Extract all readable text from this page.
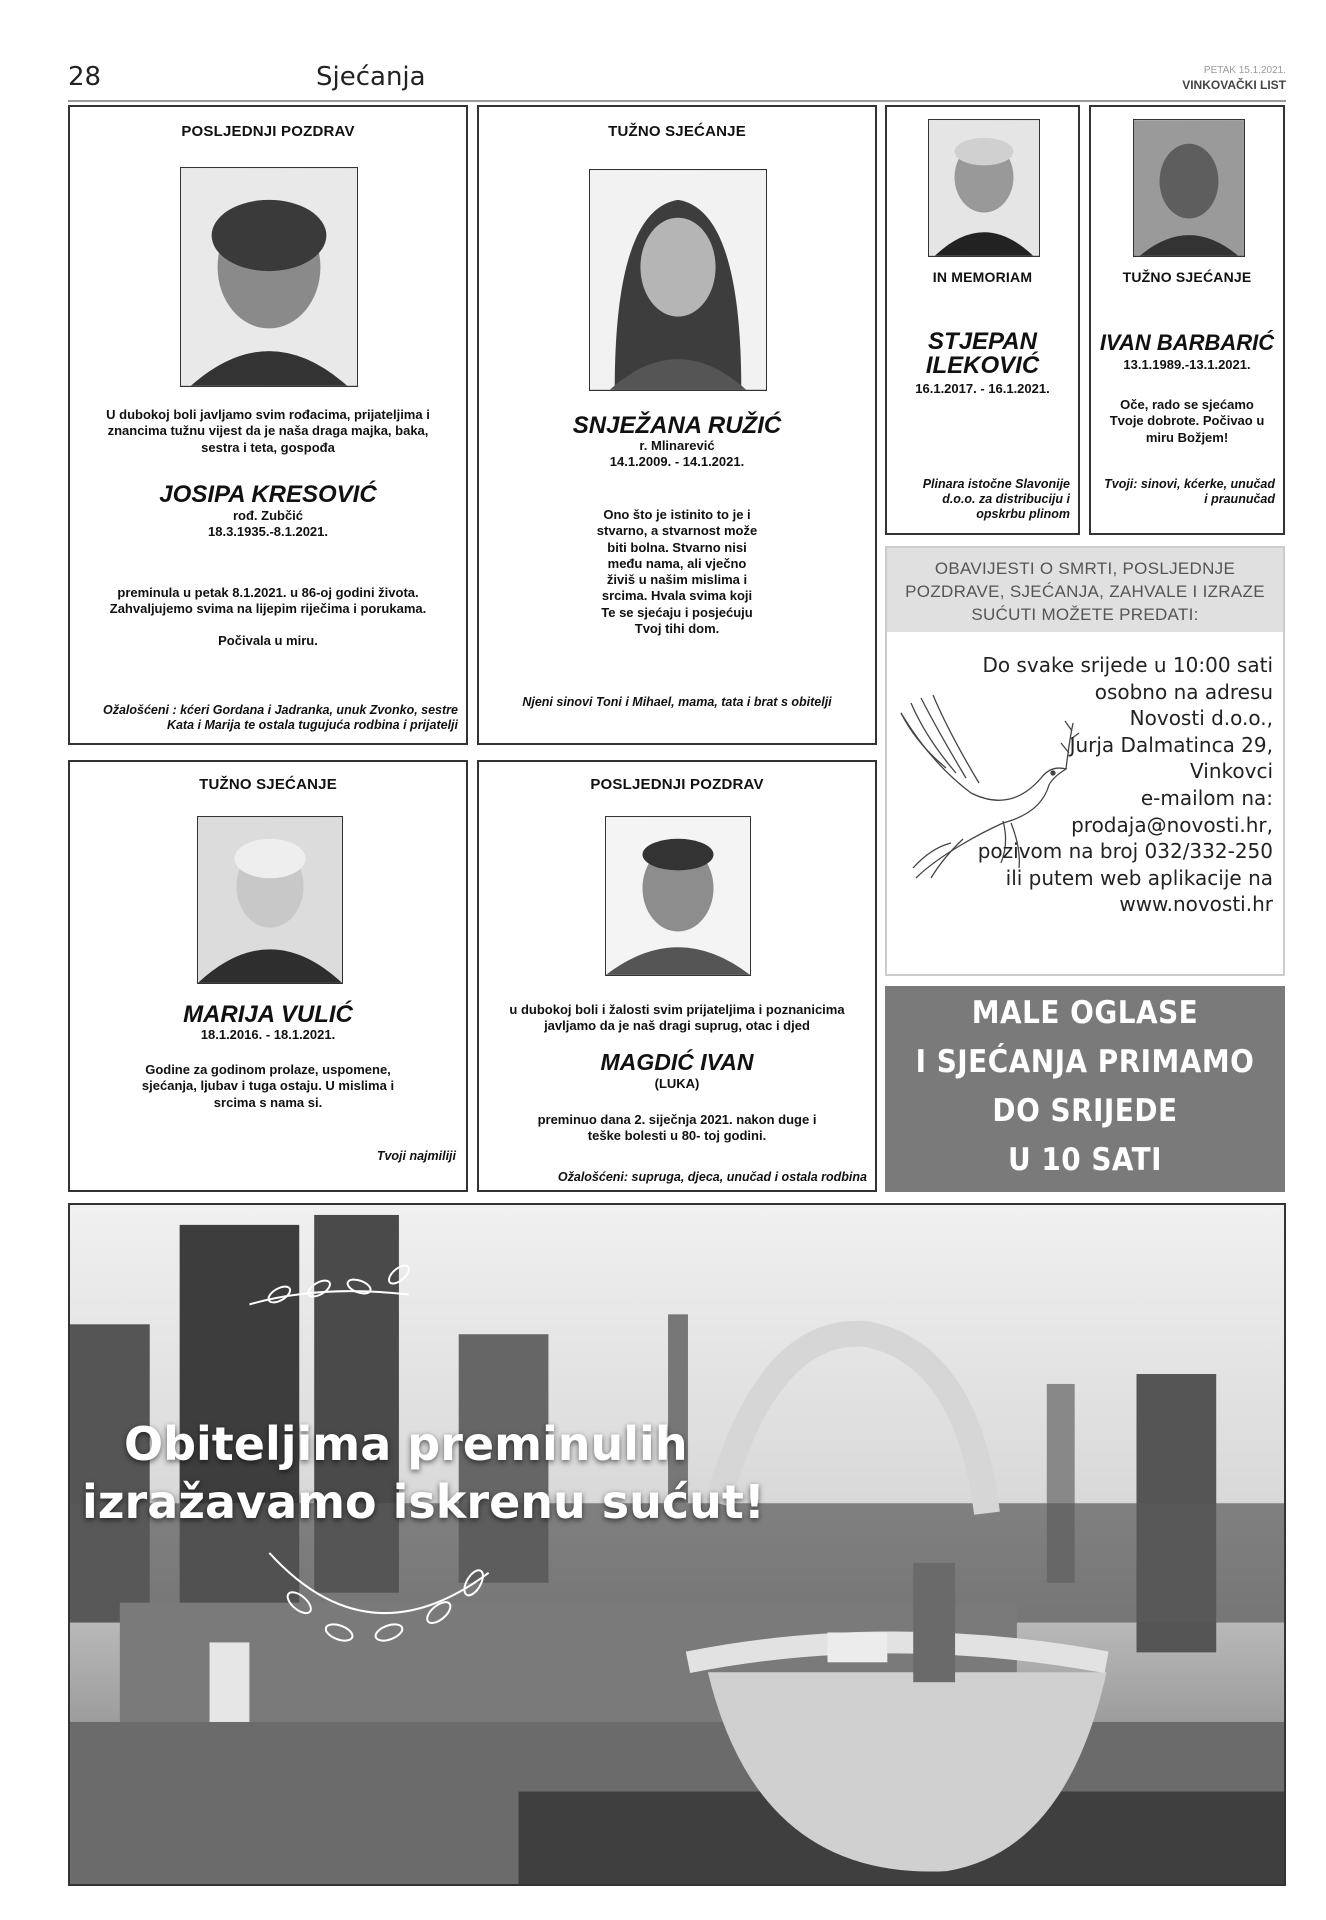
28	Sjećanja	PETAK 15.1.2021.
VINKOVAČKI LIST
POSLJEDNJI POZDRAV
U dubokoj boli javljamo svim rođacima, prijateljima i znancima tužnu vijest da je naša draga majka, baka, sestra i teta, gospođa
JOSIPA KRESOVIĆ
rođ. Zubčić
18.3.1935.-8.1.2021.
preminula u petak 8.1.2021. u 86-oj godini života. Zahvaljujemo svima na lijepim riječima i porukama.
Počivala u miru.
Ožalošćeni : kćeri Gordana i Jadranka, unuk Zvonko, sestre Kata i Marija te ostala tugujuća rodbina i prijatelji
TUŽNO SJEĆANJE
SNJEŽANA RUŽIĆ
r. Mlinarević
14.1.2009. - 14.1.2021.
Ono što je istinito to je i stvarno, a stvarnost može biti bolna. Stvarno nisi među nama, ali vječno živiš u našim mislima i srcima. Hvala svima koji Te se sjećaju i posjećuju Tvoj tihi dom.
Njeni sinovi Toni i Mihael, mama, tata i brat s obitelji
IN MEMORIAM
STJEPAN
ILEKOVIĆ
16.1.2017. - 16.1.2021.
Plinara istočne Slavonije d.o.o. za distribuciju i opskrbu plinom
TUŽNO SJEĆANJE
IVAN BARBARIĆ
13.1.1989.-13.1.2021.
Oče, rado se sjećamo Tvoje dobrote. Počivao u miru Božjem!
Tvoji: sinovi, kćerke, unučad i praunučad
OBAVIJESTI O SMRTI, POSLJEDNJE POZDRAVE, SJEĆANJA, ZAHVALE I IZRAZE SUĆUTI MOŽETE PREDATI:
Do svake srijede u 10:00 sati
osobno na adresu
Novosti d.o.o.,
Jurja Dalmatinca 29,
Vinkovci
e-mailom na:
prodaja@novosti.hr,
pozivom na broj 032/332-250
ili putem web aplikacije na
www.novosti.hr
MALE OGLASE
I SJEĆANJA PRIMAMO
DO SRIJEDE
U 10 SATI
TUŽNO SJEĆANJE
MARIJA VULIĆ
18.1.2016. - 18.1.2021.
Godine za godinom prolaze, uspomene, sjećanja, ljubav i tuga ostaju. U mislima i srcima s nama si.
Tvoji najmiliji
POSLJEDNJI POZDRAV
u dubokoj boli i žalosti svim prijateljima i poznanicima javljamo da je naš dragi suprug, otac i djed
MAGDIĆ IVAN
(LUKA)
preminuo dana 2. siječnja 2021. nakon duge i teške bolesti u 80- toj godini.
Ožalošćeni: supruga, djeca, unučad i ostala rodbina
Obiteljima preminulih
izražavamo iskrenu sućut!
